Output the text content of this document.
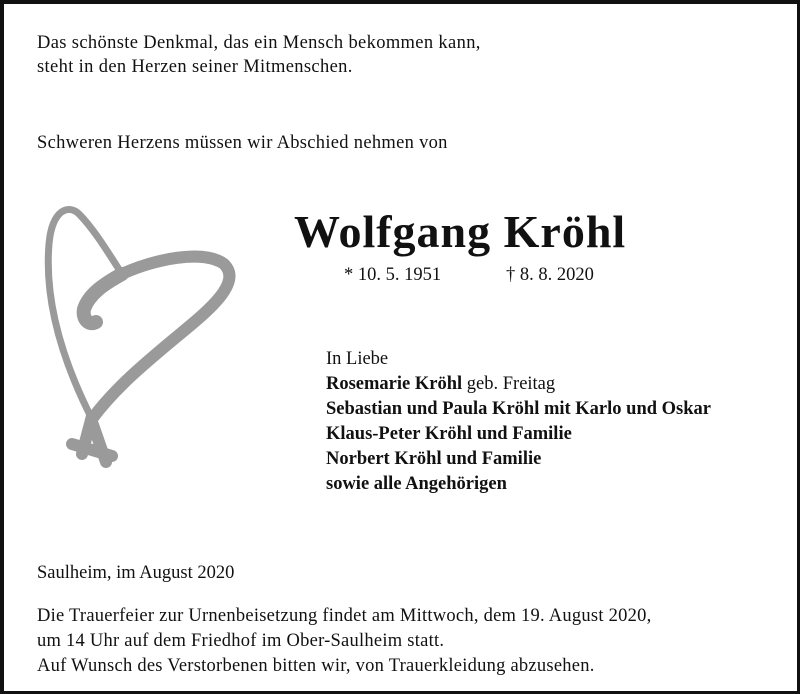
Das schönste Denkmal, das ein Mensch bekommen kann,
steht in den Herzen seiner Mitmenschen.
Schweren Herzens müssen wir Abschied nehmen von
Wolfgang Kröhl
* 10. 5. 1951	† 8. 8. 2020
In Liebe
Rosemarie Kröhl geb. Freitag
Sebastian und Paula Kröhl mit Karlo und Oskar
Klaus-Peter Kröhl und Familie
Norbert Kröhl und Familie
sowie alle Angehörigen
Saulheim, im August 2020
Die Trauerfeier zur Urnenbeisetzung findet am Mittwoch, dem 19. August 2020,
um 14 Uhr auf dem Friedhof im Ober-Saulheim statt.
Auf Wunsch des Verstorbenen bitten wir, von Trauerkleidung abzusehen.
